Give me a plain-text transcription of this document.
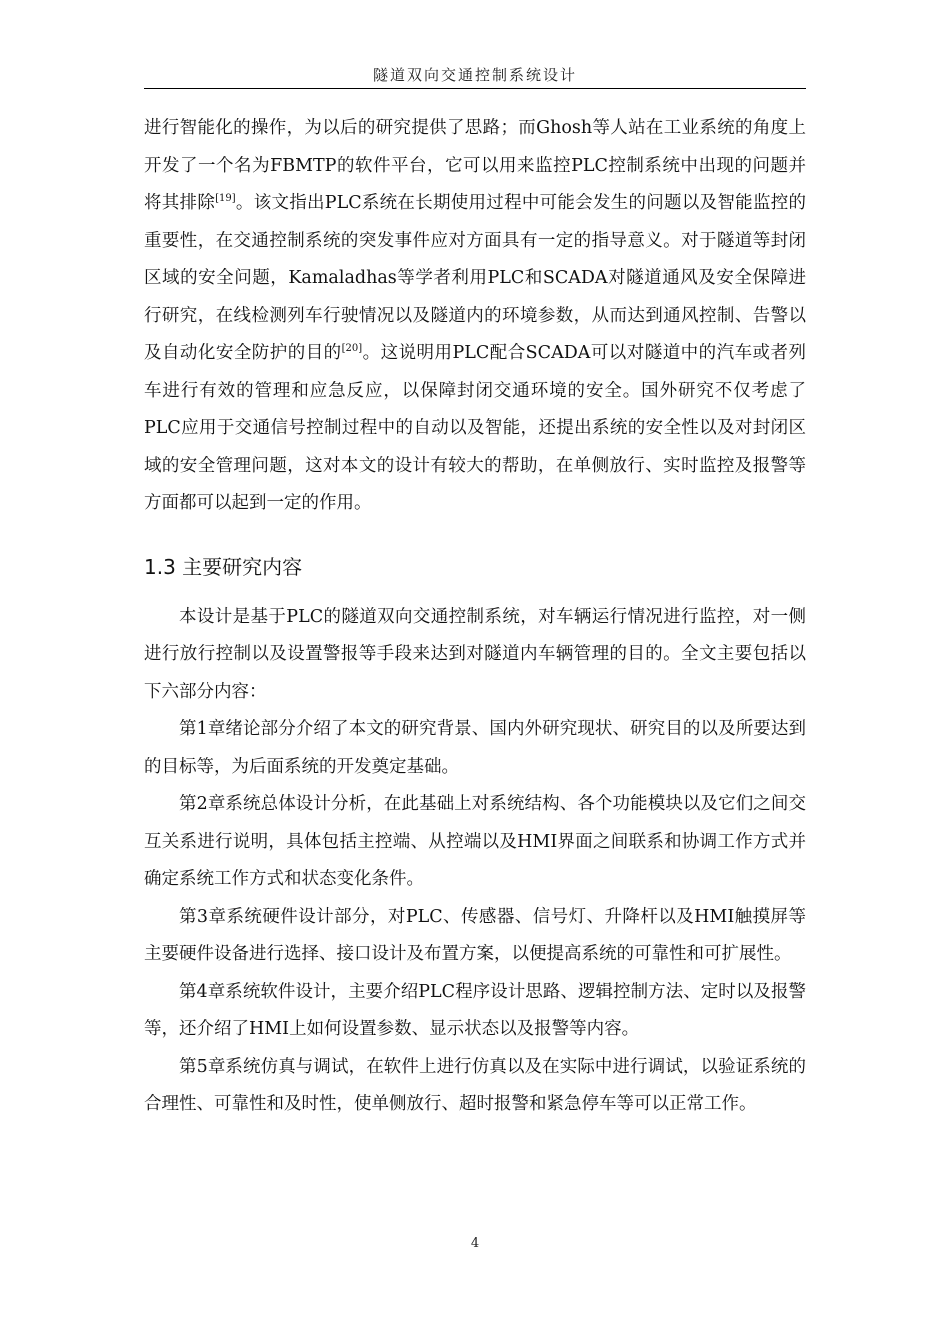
隧道双向交通控制系统设计

进行智能化的操作，为以后的研究提供了思路；而Ghosh等人站在工业系统的角度上开发了一个名为FBMTP的软件平台，它可以用来监控PLC控制系统中出现的问题并将其排除[19]。该文指出PLC系统在长期使用过程中可能会发生的问题以及智能监控的重要性，在交通控制系统的突发事件应对方面具有一定的指导意义。对于隧道等封闭区域的安全问题，Kamaladhas等学者利用PLC和SCADA对隧道通风及安全保障进行研究，在线检测列车行驶情况以及隧道内的环境参数，从而达到通风控制、告警以及自动化安全防护的目的[20]。这说明用PLC配合SCADA可以对隧道中的汽车或者列车进行有效的管理和应急反应，以保障封闭交通环境的安全。国外研究不仅考虑了PLC应用于交通信号控制过程中的自动以及智能，还提出系统的安全性以及对封闭区域的安全管理问题，这对本文的设计有较大的帮助，在单侧放行、实时监控及报警等方面都可以起到一定的作用。

1.3 主要研究内容

本设计是基于PLC的隧道双向交通控制系统，对车辆运行情况进行监控，对一侧进行放行控制以及设置警报等手段来达到对隧道内车辆管理的目的。全文主要包括以下六部分内容：

第1章绪论部分介绍了本文的研究背景、国内外研究现状、研究目的以及所要达到的目标等，为后面系统的开发奠定基础。

第2章系统总体设计分析，在此基础上对系统结构、各个功能模块以及它们之间交互关系进行说明，具体包括主控端、从控端以及HMI界面之间联系和协调工作方式并确定系统工作方式和状态变化条件。

第3章系统硬件设计部分，对PLC、传感器、信号灯、升降杆以及HMI触摸屏等主要硬件设备进行选择、接口设计及布置方案，以便提高系统的可靠性和可扩展性。

第4章系统软件设计，主要介绍PLC程序设计思路、逻辑控制方法、定时以及报警等，还介绍了HMI上如何设置参数、显示状态以及报警等内容。

第5章系统仿真与调试，在软件上进行仿真以及在实际中进行调试，以验证系统的合理性、可靠性和及时性，使单侧放行、超时报警和紧急停车等可以正常工作。

4
